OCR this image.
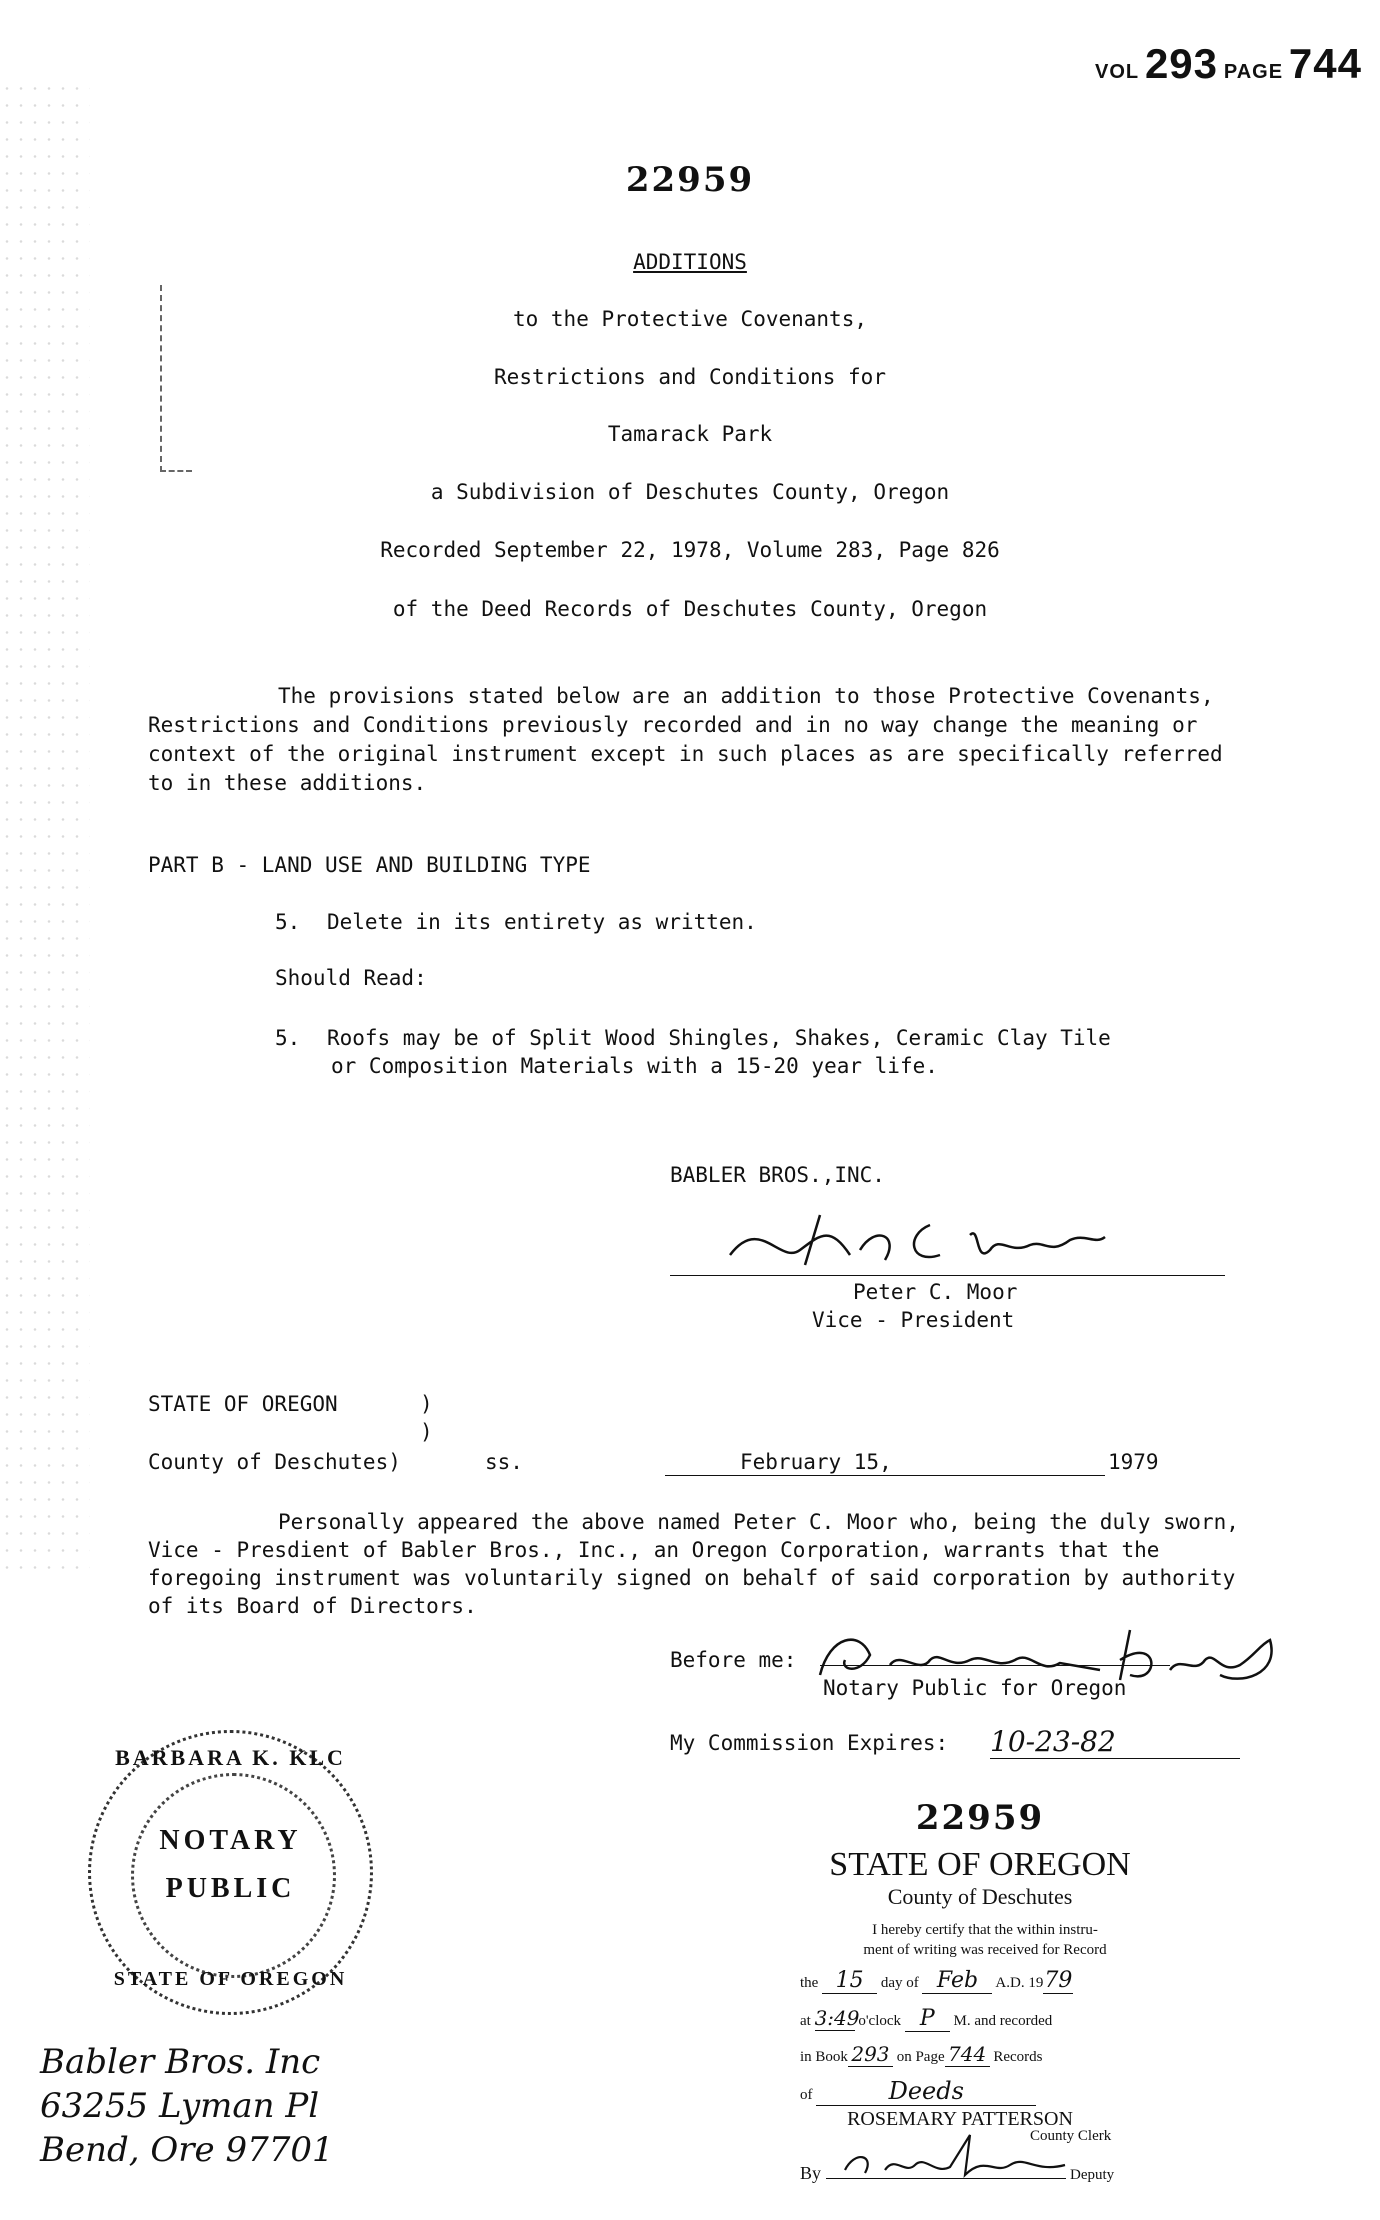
VOL 293 PAGE 744
22959
ADDITIONS
to the Protective Covenants,
Restrictions and Conditions for
Tamarack Park
a Subdivision of Deschutes County, Oregon
Recorded September 22, 1978, Volume 283, Page 826
of the Deed Records of Deschutes County, Oregon
The provisions stated below are an addition to those Protective Covenants, Restrictions and Conditions previously recorded and in no way change the meaning or context of the original instrument except in such places as are specifically referred to in these additions.
PART B - LAND USE AND BUILDING TYPE
5. Delete in its entirety as written.
Should Read:
5. Roofs may be of Split Wood Shingles, Shakes, Ceramic Clay Tile
or Composition Materials with a 15-20 year life.
BABLER BROS.,INC.
Peter C. Moor
Vice - President
STATE OF OREGON	)
)
County of Deschutes)	ss.	February 15,	1979
Personally appeared the above named Peter C. Moor who, being the duly sworn, Vice - Presdient of Babler Bros., Inc., an Oregon Corporation, warrants that the foregoing instrument was voluntarily signed on behalf of said corporation by authority of its Board of Directors.
Before me:
Notary Public for Oregon
My Commission Expires: 10-23-82
BARBARA K. KLC
NOTARY
PUBLIC
STATE OF OREGON
Babler Bros. Inc
63255 Lyman Pl
Bend, Ore 97701
22959
STATE OF OREGON
County of Deschutes
I hereby certify that the within instru-
ment of writing was received for Record
the 15 day of Feb A.D. 1979
at 3:49 o'clock P M. and recorded
in Book 293 on Page 744 Records
of	Deeds
ROSEMARY PATTERSON
County Clerk
By	Deputy
